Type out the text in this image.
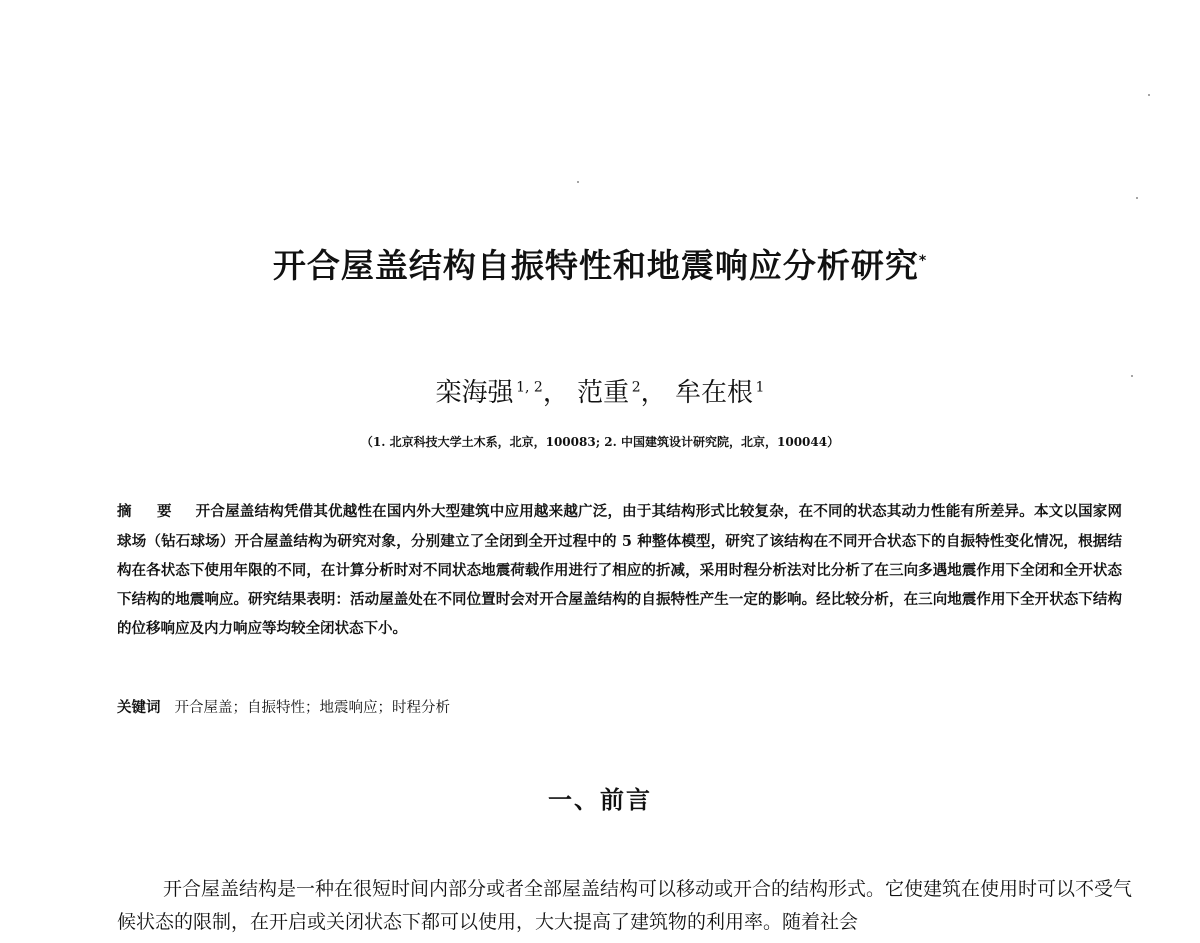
开合屋盖结构自振特性和地震响应分析研究*
栾海强  $^{1, 2}$， 范重  $^2$， 牟在根  $^1$
（1. 北京科技大学土木系，北京，100083; 2. 中国建筑设计研究院，北京，100044）
摘 要 开合屋盖结构凭借其优越性在国内外大型建筑中应用越来越广泛，由于其结构形式比较复杂，在不同的状态其动力性能有所差异。本文以国家网球场（钻石球场）开合屋盖结构为研究对象，分别建立了全闭到全开过程中的 5 种整体模型，研究了该结构在不同开合状态下的自振特性变化情况，根据结构在各状态下使用年限的不同，在计算分析时对不同状态地震荷载作用进行了相应的折减，采用时程分析法对比分析了在三向多遇地震作用下全闭和全开状态下结构的地震响应。研究结果表明：活动屋盖处在不同位置时会对开合屋盖结构的自振特性产生一定的影响。经比较分析，在三向地震作用下全开状态下结构的位移响应及内力响应等均较全闭状态下小。
关键词 开合屋盖；自振特性；地震响应；时程分析
一、前言
开合屋盖结构是一种在很短时间内部分或者全部屋盖结构可以移动或开合的结构形式。它使建筑在使用时可以不受气候状态的限制，在开启或关闭状态下都可以使用，大大提高了建筑物的利用率。随着社会
